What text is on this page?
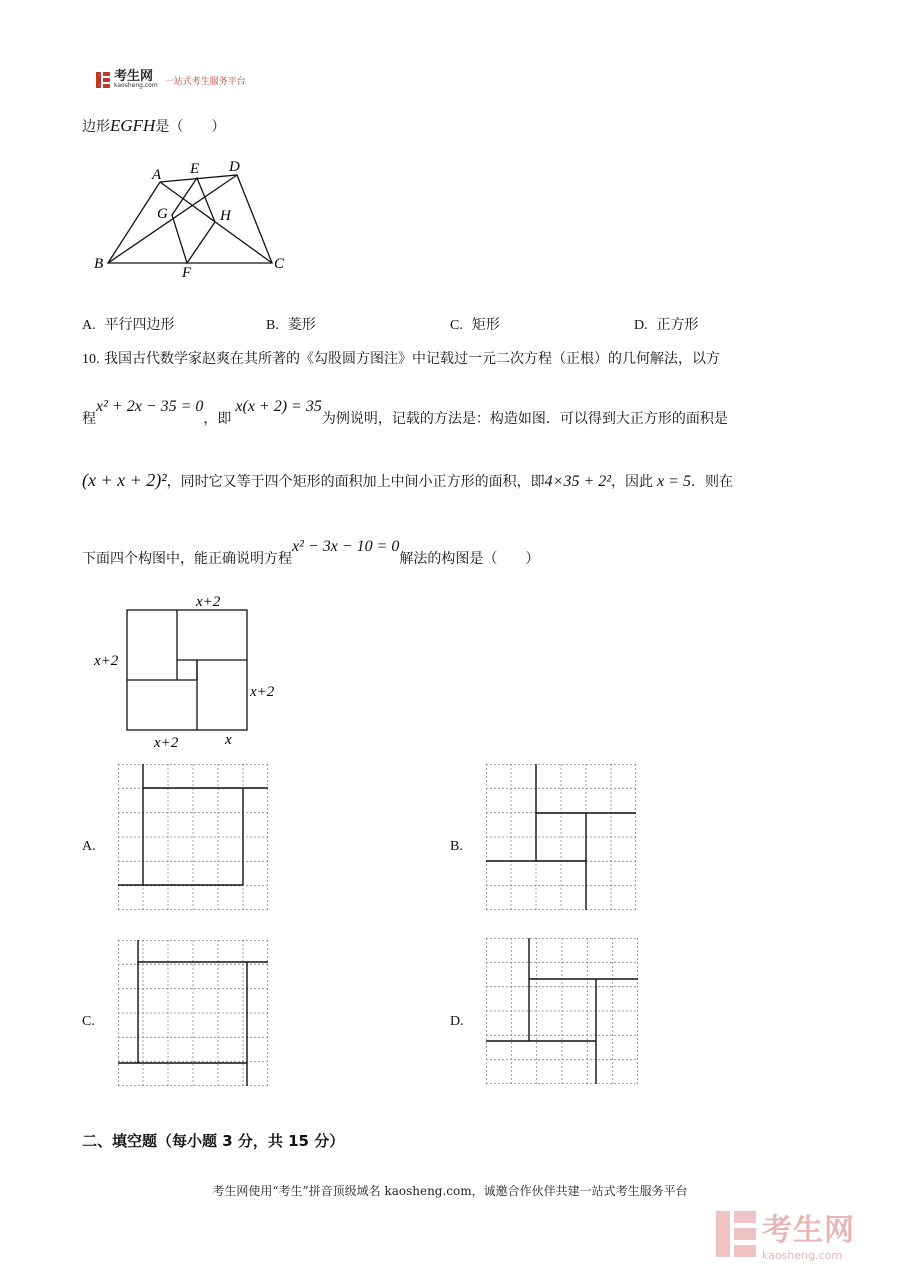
考生网
kaosheng.com 一站式考生服务平台
边形EGFH是（　　）
A E D
G	H
B
F
C
A. 平行四边形	B. 菱形	C. 矩形	D. 正方形
10. 我国古代数学家赵爽在其所著的《勾股圆方图注》中记载过一元二次方程（正根）的几何解法，以方
程x² + 2x − 35 = 0，即x(x + 2) = 35为例说明，记载的方法是：构造如图．可以得到大正方形的面积是
(x + x + 2)²，同时它又等于四个矩形的面积加上中间小正方形的面积，即4×35 + 2²，因此 x = 5．则在
下面四个构图中，能正确说明方程x² − 3x − 10 = 0解法的构图是（　　）
x+2
x+2
x+2
x+2	x
A.	B.
C.	D.
二、填空题（每小题 3 分，共 15 分）
考生网使用“考生”拼音顶级域名 kaosheng.com，诚邀合作伙伴共建一站式考生服务平台
考生网
kaosheng.com
